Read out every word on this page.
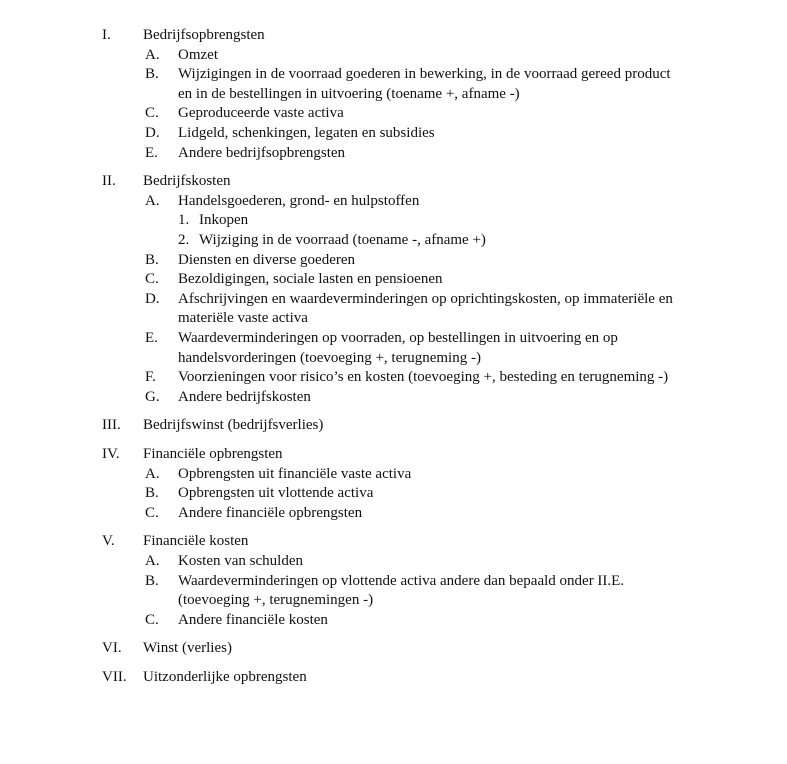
I. Bedrijfsopbrengsten
A. Omzet
B. Wijzigingen in de voorraad goederen in bewerking, in de voorraad gereed product
en in de bestellingen in uitvoering (toename +, afname -)
C. Geproduceerde vaste activa
D. Lidgeld, schenkingen, legaten en subsidies
E. Andere bedrijfsopbrengsten
II. Bedrijfskosten
A. Handelsgoederen, grond- en hulpstoffen
1. Inkopen
2. Wijziging in de voorraad (toename -, afname +)
B. Diensten en diverse goederen
C. Bezoldigingen, sociale lasten en pensioenen
D. Afschrijvingen en waardeverminderingen op oprichtingskosten, op immateriële en
materiële vaste activa
E. Waardeverminderingen op voorraden, op bestellingen in uitvoering en op
handelsvorderingen (toevoeging +, terugneming -)
F. Voorzieningen voor risico’s en kosten (toevoeging +, besteding en terugneming -)
G. Andere bedrijfskosten
III. Bedrijfswinst (bedrijfsverlies)
IV. Financiële opbrengsten
A. Opbrengsten uit financiële vaste activa
B. Opbrengsten uit vlottende activa
C. Andere financiële opbrengsten
V. Financiële kosten
A. Kosten van schulden
B. Waardeverminderingen op vlottende activa andere dan bepaald onder II.E.
(toevoeging +, terugnemingen -)
C. Andere financiële kosten
VI. Winst (verlies)
VII. Uitzonderlijke opbrengsten
